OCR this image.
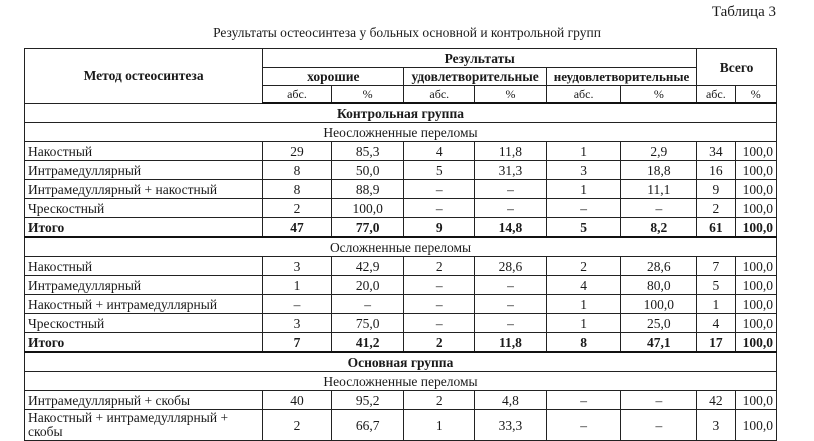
Таблица 3
Результаты остеосинтеза у больных основной и контрольной групп
Метод остеосинтеза	Результаты						Всего	
	хорошие		удовлетворительные		неудовлетворительные			
	абс.	%	абс.	%	абс.	%	абс.	%
Контрольная группа								
Неосложненные переломы								
Накостный	29	85,3	4	11,8	1	2,9	34	100,0
Интрамедуллярный	8	50,0	5	31,3	3	18,8	16	100,0
Интрамедуллярный + накостный	8	88,9	–	–	1	11,1	9	100,0
Чрескостный	2	100,0	–	–	–	–	2	100,0
Итого	47	77,0	9	14,8	5	8,2	61	100,0
Осложненные переломы								
Накостный	3	42,9	2	28,6	2	28,6	7	100,0
Интрамедуллярный	1	20,0	–	–	4	80,0	5	100,0
Накостный + интрамедуллярный	–	–	–	–	1	100,0	1	100,0
Чрескостный	3	75,0	–	–	1	25,0	4	100,0
Итого	7	41,2	2	11,8	8	47,1	17	100,0
Основная группа								
Неосложненные переломы								
Интрамедуллярный + скобы	40	95,2	2	4,8	–	–	42	100,0
Накостный + интрамедуллярный + скобы	2	66,7	1	33,3	–	–	3	100,0
